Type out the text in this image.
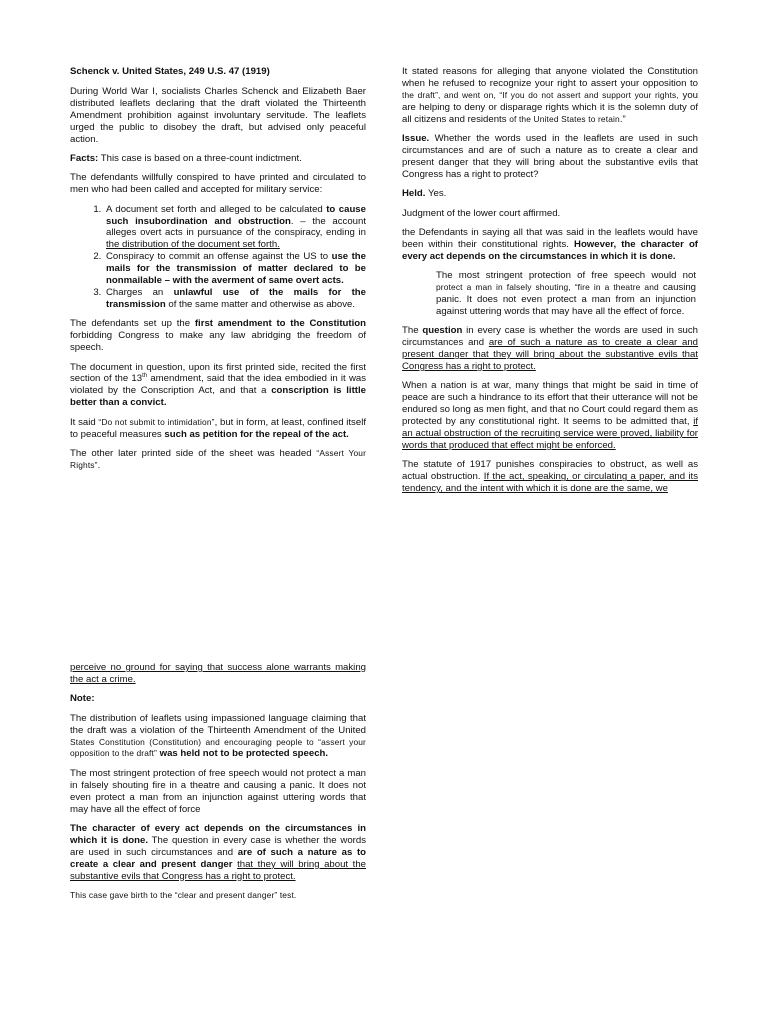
Schenck v. United States, 249 U.S. 47 (1919)

During World War I, socialists Charles Schenck and Elizabeth Baer distributed leaflets declaring that the draft violated the Thirteenth Amendment prohibition against involuntary servitude. The leaflets urged the public to disobey the draft, but advised only peaceful action.

Facts: This case is based on a three-count indictment.

The defendants willfully conspired to have printed and circulated to men who had been called and accepted for military service:

1. A document set forth and alleged to be calculated to cause such insubordination and obstruction. – the account alleges overt acts in pursuance of the conspiracy, ending in the distribution of the document set forth.
2. Conspiracy to commit an offense against the US to use the mails for the transmission of matter declared to be nonmailable – with the averment of same overt acts.
3. Charges an unlawful use of the mails for the transmission of the same matter and otherwise as above.

The defendants set up the first amendment to the Constitution forbidding Congress to make any law abridging the freedom of speech.

The document in question, upon its first printed side, recited the first section of the 13th amendment, said that the idea embodied in it was violated by the Conscription Act, and that a conscription is little better than a convict.

It said “Do not submit to intimidation”, but in form, at least, confined itself to peaceful measures such as petition for the repeal of the act.

The other later printed side of the sheet was headed “Assert Your Rights”.

It stated reasons for alleging that anyone violated the Constitution when he refused to recognize your right to assert your opposition to the draft”, and went on, “If you do not assert and support your rights, you are helping to deny or disparage rights which it is the solemn duty of all citizens and residents of the United States to retain.”

Issue. Whether the words used in the leaflets are used in such circumstances and are of such a nature as to create a clear and present danger that they will bring about the substantive evils that Congress has a right to protect?

Held. Yes.

Judgment of the lower court affirmed.

the Defendants in saying all that was said in the leaflets would have been within their constitutional rights. However, the character of every act depends on the circumstances in which it is done.

The most stringent protection of free speech would not protect a man in falsely shouting, “fire in a theatre and causing panic. It does not even protect a man from an injunction against uttering words that may have all the effect of force.

The question in every case is whether the words are used in such circumstances and are of such a nature as to create a clear and present danger that they will bring about the substantive evils that Congress has a right to protect.

When a nation is at war, many things that might be said in time of peace are such a hindrance to its effort that their utterance will not be endured so long as men fight, and that no Court could regard them as protected by any constitutional right. It seems to be admitted that, if an actual obstruction of the recruiting service were proved, liability for words that produced that effect might be enforced.

The statute of 1917 punishes conspiracies to obstruct, as well as actual obstruction. If the act, speaking, or circulating a paper, and its tendency, and the intent with which it is done are the same, we

perceive no ground for saying that success alone warrants making the act a crime.

Note:

The distribution of leaflets using impassioned language claiming that the draft was a violation of the Thirteenth Amendment of the United States Constitution (Constitution) and encouraging people to “assert your opposition to the draft” was held not to be protected speech.

The most stringent protection of free speech would not protect a man in falsely shouting fire in a theatre and causing a panic. It does not even protect a man from an injunction against uttering words that may have all the effect of force

The character of every act depends on the circumstances in which it is done. The question in every case is whether the words are used in such circumstances and are of such a nature as to create a clear and present danger that they will bring about the substantive evils that Congress has a right to protect.

This case gave birth to the “clear and present danger” test.
